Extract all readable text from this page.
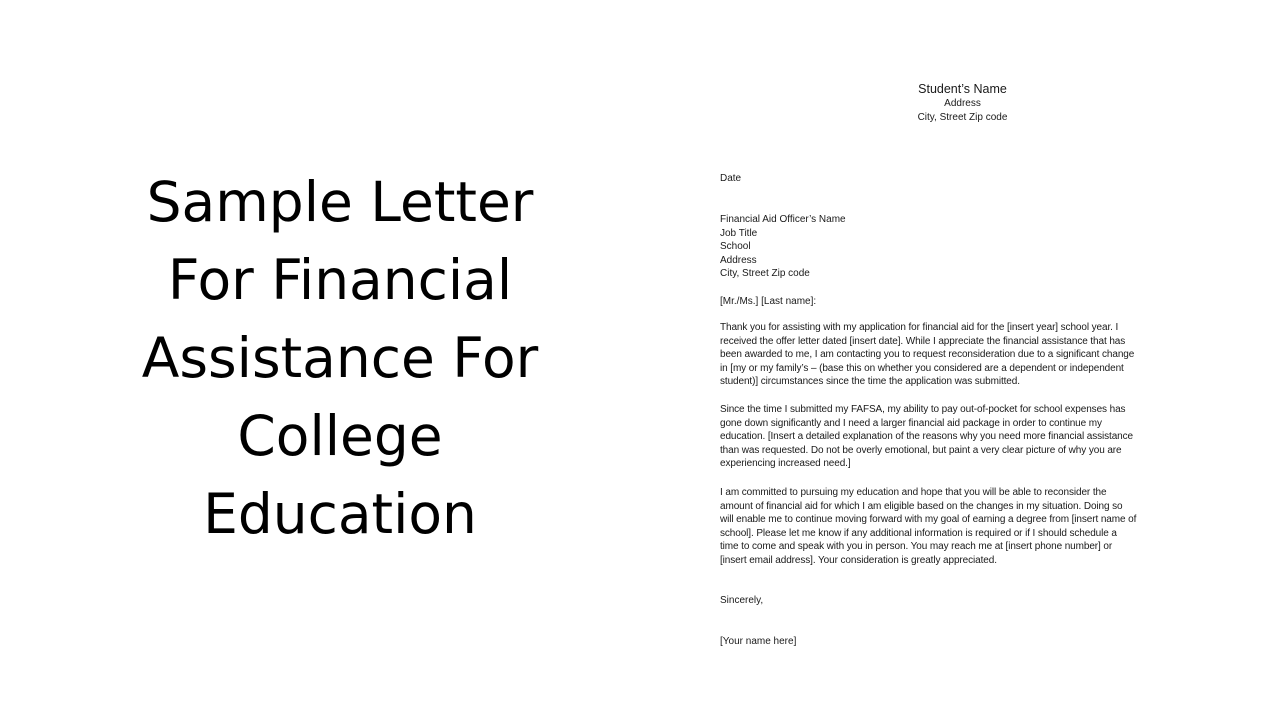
Sample Letter
For Financial
Assistance For
College
Education
Student’s Name
Address
City, Street Zip code
Date
Financial Aid Officer’s Name
Job Title
School
Address
City, Street Zip code
[Mr./Ms.] [Last name]:
Thank you for assisting with my application for financial aid for the [insert year] school year. I
received the offer letter dated [insert date]. While I appreciate the financial assistance that has
been awarded to me, I am contacting you to request reconsideration due to a significant change
in [my or my family’s – (base this on whether you considered are a dependent or independent
student)] circumstances since the time the application was submitted.
Since the time I submitted my FAFSA, my ability to pay out-of-pocket for school expenses has
gone down significantly and I need a larger financial aid package in order to continue my
education. [Insert a detailed explanation of the reasons why you need more financial assistance
than was requested. Do not be overly emotional, but paint a very clear picture of why you are
experiencing increased need.]
I am committed to pursuing my education and hope that you will be able to reconsider the
amount of financial aid for which I am eligible based on the changes in my situation. Doing so
will enable me to continue moving forward with my goal of earning a degree from [insert name of
school]. Please let me know if any additional information is required or if I should schedule a
time to come and speak with you in person. You may reach me at [insert phone number] or
[insert email address]. Your consideration is greatly appreciated.
Sincerely,
[Your name here]
